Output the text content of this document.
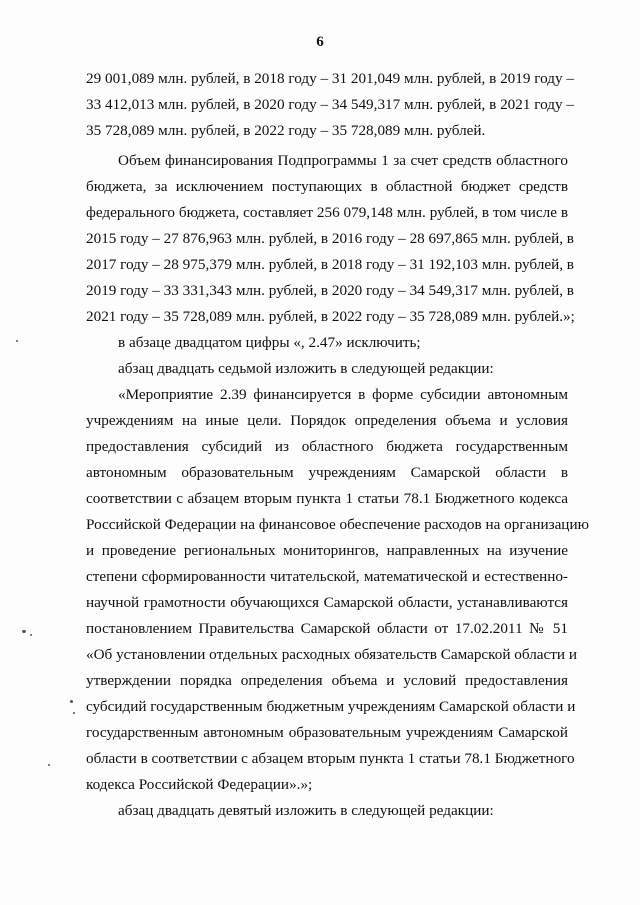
6
29 001,089 млн. рублей, в 2018 году – 31 201,049 млн. рублей, в 2019 году –
33 412,013 млн. рублей, в 2020 году – 34 549,317 млн. рублей, в 2021 году –
35 728,089 млн. рублей, в 2022 году – 35 728,089 млн. рублей.
Объем финансирования Подпрограммы 1 за счет средств областного
бюджета, за исключением поступающих в областной бюджет средств
федерального бюджета, составляет 256 079,148 млн. рублей, в том числе в
2015 году – 27 876,963 млн. рублей, в 2016 году – 28 697,865 млн. рублей, в
2017 году – 28 975,379 млн. рублей, в 2018 году – 31 192,103 млн. рублей, в
2019 году – 33 331,343 млн. рублей, в 2020 году – 34 549,317 млн. рублей, в
2021 году – 35 728,089 млн. рублей, в 2022 году – 35 728,089 млн. рублей.»;
в абзаце двадцатом цифры «, 2.47» исключить;
абзац двадцать седьмой изложить в следующей редакции:
«Мероприятие 2.39 финансируется в форме субсидии автономным
учреждениям на иные цели. Порядок определения объема и условия
предоставления субсидий из областного бюджета государственным
автономным образовательным учреждениям Самарской области в
соответствии с абзацем вторым пункта 1 статьи 78.1 Бюджетного кодекса
Российской Федерации на финансовое обеспечение расходов на организацию
и проведение региональных мониторингов, направленных на изучение
степени сформированности читательской, математической и естественно-
научной грамотности обучающихся Самарской области, устанавливаются
постановлением Правительства Самарской области от 17.02.2011 № 51
«Об установлении отдельных расходных обязательств Самарской области и
утверждении порядка определения объема и условий предоставления
субсидий государственным бюджетным учреждениям Самарской области и
государственным автономным образовательным учреждениям Самарской
области в соответствии с абзацем вторым пункта 1 статьи 78.1 Бюджетного
кодекса Российской Федерации».»;
абзац двадцать девятый изложить в следующей редакции:
